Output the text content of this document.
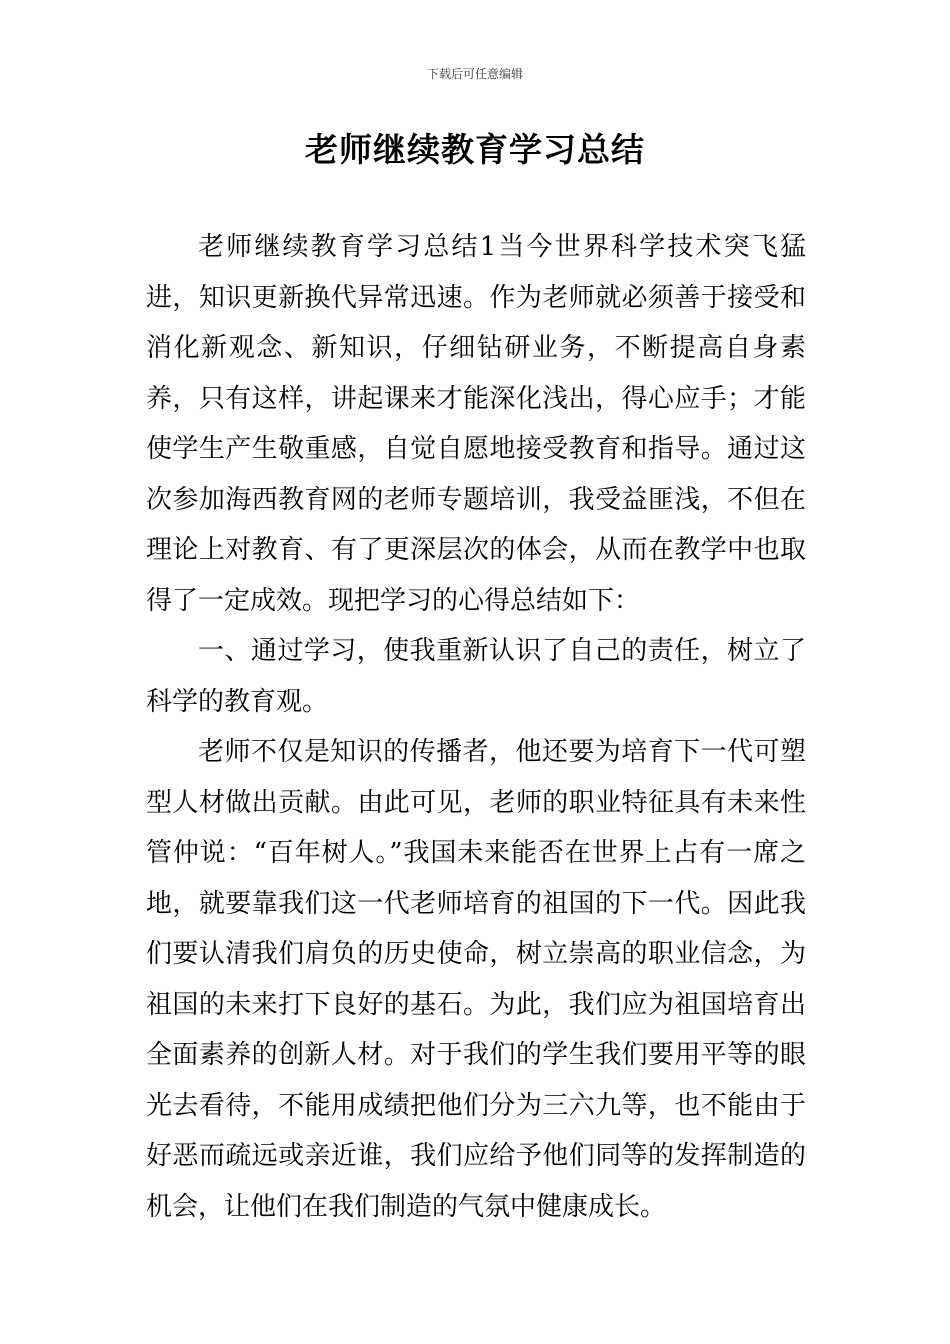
下载后可任意编辑
老师继续教育学习总结

老师继续教育学习总结1当今世界科学技术突飞猛进，知识更新换代异常迅速。作为老师就必须善于接受和消化新观念、新知识，仔细钻研业务，不断提高自身素养，只有这样，讲起课来才能深化浅出，得心应手；才能使学生产生敬重感，自觉自愿地接受教育和指导。通过这次参加海西教育网的老师专题培训，我受益匪浅，不但在理论上对教育、有了更深层次的体会，从而在教学中也取得了一定成效。现把学习的心得总结如下：

一、通过学习，使我重新认识了自己的责任，树立了科学的教育观。

老师不仅是知识的传播者，他还要为培育下一代可塑型人材做出贡献。由此可见，老师的职业特征具有未来性管仲说：“百年树人。”我国未来能否在世界上占有一席之地，就要靠我们这一代老师培育的祖国的下一代。因此我们要认清我们肩负的历史使命，树立崇高的职业信念，为祖国的未来打下良好的基石。为此，我们应为祖国培育出全面素养的创新人材。对于我们的学生我们要用平等的眼光去看待，不能用成绩把他们分为三六九等，也不能由于好恶而疏远或亲近谁，我们应给予他们同等的发挥制造的机会，让他们在我们制造的气氛中健康成长。
